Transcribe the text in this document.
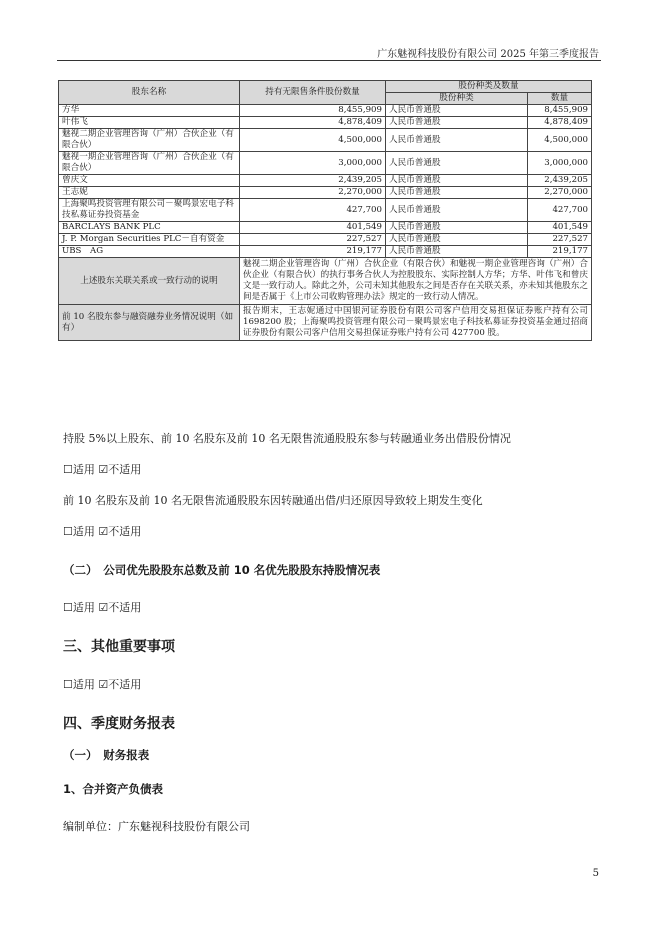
广东魅视科技股份有限公司 2025 年第三季度报告
股东名称	持有无限售条件股份数量	股份种类及数量	
		股份种类	数量
方华	8,455,909	人民币普通股	8,455,909
叶伟飞	4,878,409	人民币普通股	4,878,409
魅视二期企业管理咨询（广州）合伙企业（有限合伙）	4,500,000	人民币普通股	4,500,000
魅视一期企业管理咨询（广州）合伙企业（有限合伙）	3,000,000	人民币普通股	3,000,000
曾庆文	2,439,205	人民币普通股	2,439,205
王志妮	2,270,000	人民币普通股	2,270,000
上海聚鸣投资管理有限公司－聚鸣景宏电子科技私募证券投资基金	427,700	人民币普通股	427,700
BARCLAYS BANK PLC	401,549	人民币普通股	401,549
J. P. Morgan Securities PLC－自有资金	227,527	人民币普通股	227,527
UBS　AG	219,177	人民币普通股	219,177
上述股东关联关系或一致行动的说明	魅视二期企业管理咨询（广州）合伙企业（有限合伙）和魅视一期企业管理咨询（广州）合伙企业（有限合伙）的执行事务合伙人为控股股东、实际控制人方华；方华、叶伟飞和曾庆文是一致行动人。除此之外，公司未知其他股东之间是否存在关联关系，亦未知其他股东之间是否属于《上市公司收购管理办法》规定的一致行动人情况。		
前 10 名股东参与融资融券业务情况说明（如有）	报告期末，王志妮通过中国银河证券股份有限公司客户信用交易担保证券账户持有公司 1698200 股；上海聚鸣投资管理有限公司－聚鸣景宏电子科技私募证券投资基金通过招商证券股份有限公司客户信用交易担保证券账户持有公司 427700 股。		
持股 5%以上股东、前 10 名股东及前 10 名无限售流通股股东参与转融通业务出借股份情况
☐适用 ☑不适用
前 10 名股东及前 10 名无限售流通股股东因转融通出借/归还原因导致较上期发生变化
☐适用 ☑不适用
（二）　公司优先股股东总数及前 10 名优先股股东持股情况表
☐适用 ☑不适用
三、其他重要事项
☐适用 ☑不适用
四、季度财务报表
（一）　财务报表
1、合并资产负债表
编制单位：广东魅视科技股份有限公司
5
